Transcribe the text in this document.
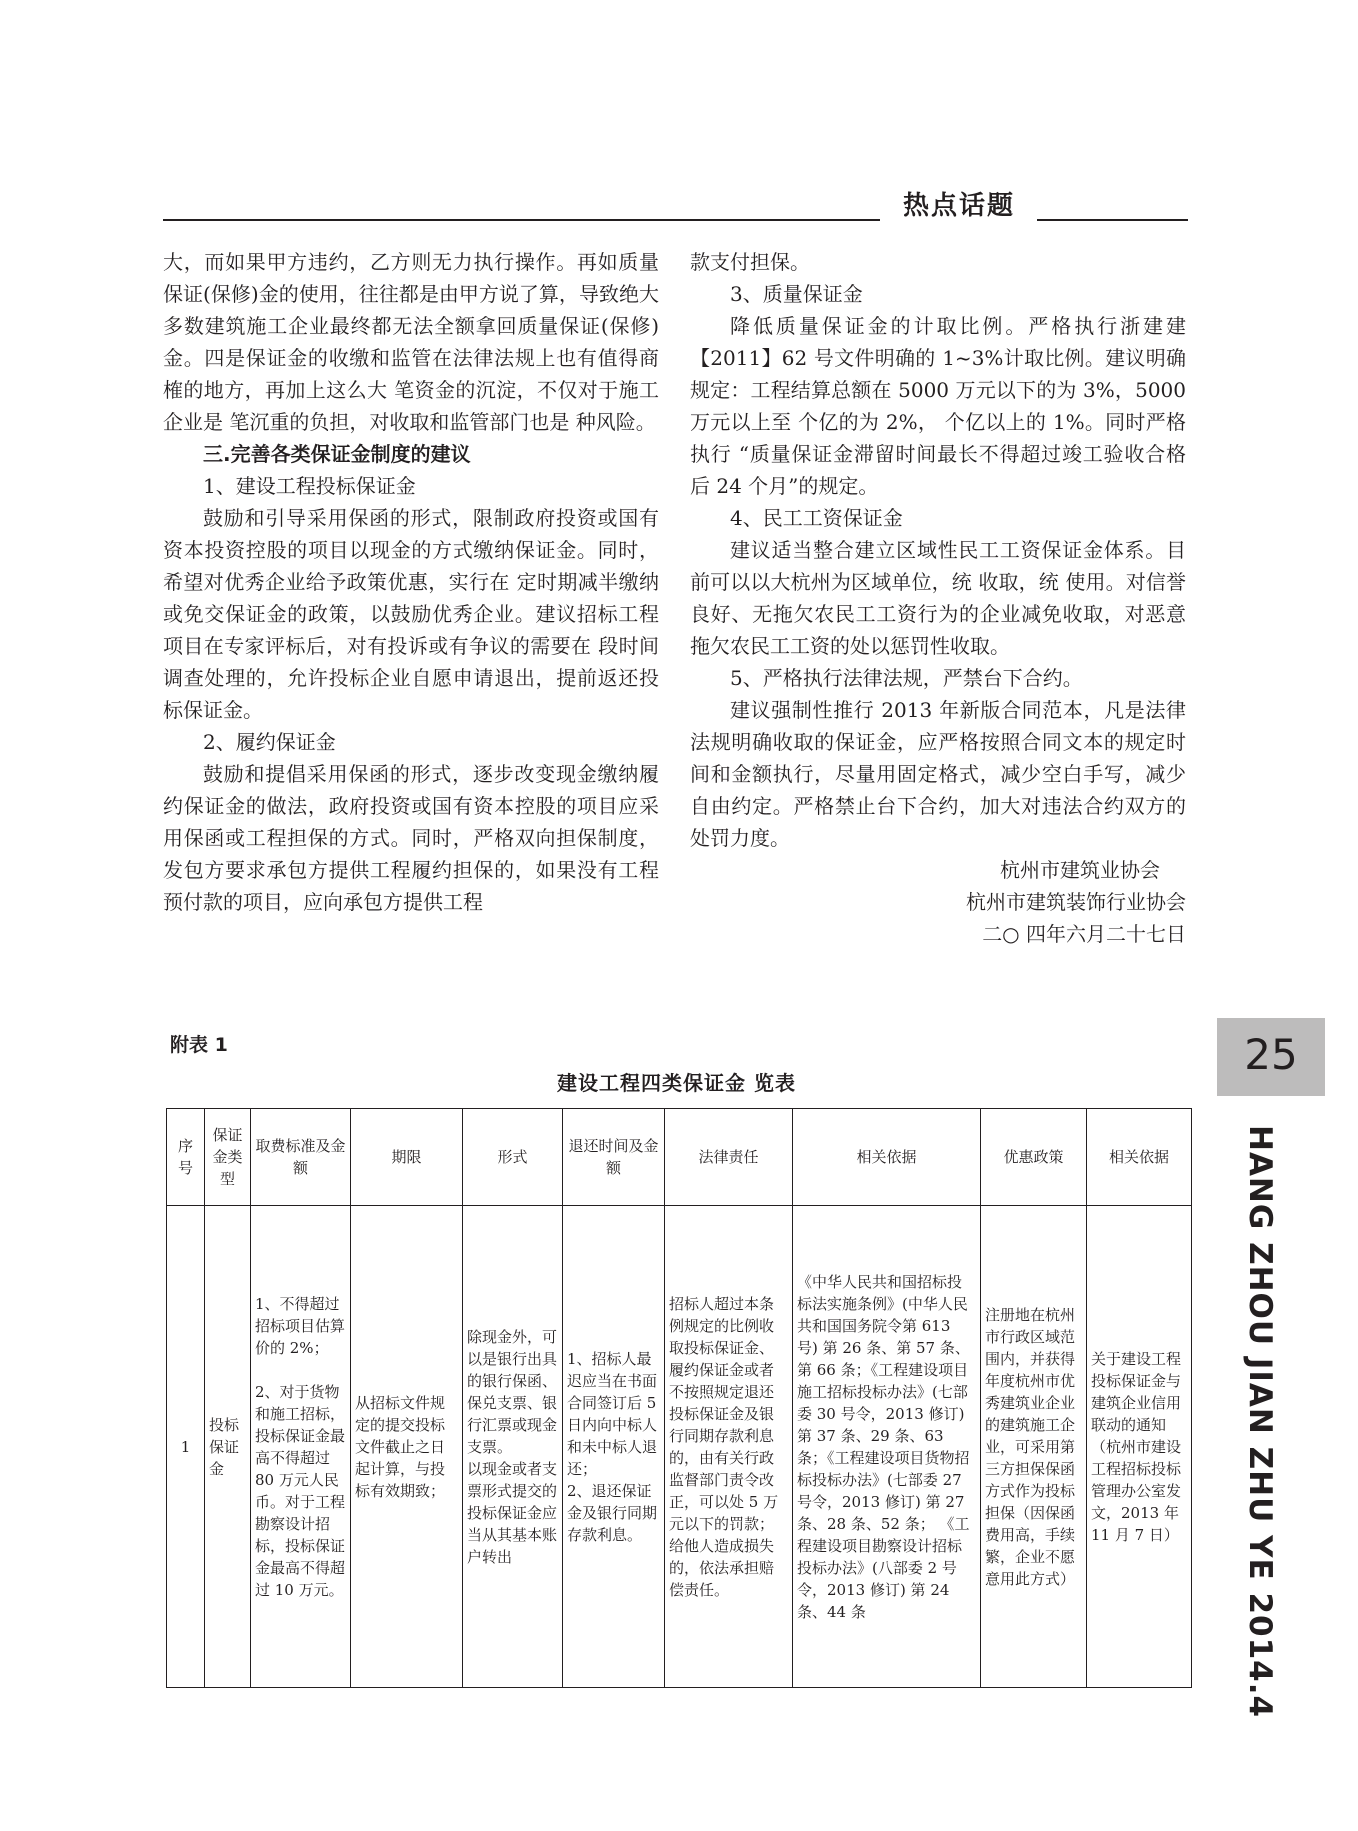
热点话题

大，而如果甲方违约，乙方则无力执行操作。再如质量保证(保修)金的使用，往往都是由甲方说了算，导致绝大多数建筑施工企业最终都无法全额拿回质量保证(保修)金。四是保证金的收缴和监管在法律法规上也有值得商榷的地方，再加上这么大 笔资金的沉淀，不仅对于施工企业是 笔沉重的负担，对收取和监管部门也是 种风险。

三.完善各类保证金制度的建议

1、建设工程投标保证金

鼓励和引导采用保函的形式，限制政府投资或国有资本投资控股的项目以现金的方式缴纳保证金。同时，希望对优秀企业给予政策优惠，实行在 定时期减半缴纳或免交保证金的政策，以鼓励优秀企业。建议招标工程项目在专家评标后，对有投诉或有争议的需要在 段时间调查处理的，允许投标企业自愿申请退出，提前返还投标保证金。

2、履约保证金

鼓励和提倡采用保函的形式，逐步改变现金缴纳履约保证金的做法，政府投资或国有资本控股的项目应采用保函或工程担保的方式。同时，严格双向担保制度，发包方要求承包方提供工程履约担保的，如果没有工程预付款的项目，应向承包方提供工程

款支付担保。

3、质量保证金

降低质量保证金的计取比例。严格执行浙建建【2011】62 号文件明确的 1~3%计取比例。建议明确规定：工程结算总额在 5000 万元以下的为 3%，5000 万元以上至 个亿的为 2%， 个亿以上的 1%。同时严格执行 “质量保证金滞留时间最长不得超过竣工验收合格后 24 个月”的规定。

4、民工工资保证金

建议适当整合建立区域性民工工资保证金体系。目前可以以大杭州为区域单位，统 收取，统 使用。对信誉良好、无拖欠农民工工资行为的企业减免收取，对恶意拖欠农民工工资的处以惩罚性收取。

5、严格执行法律法规，严禁台下合约。

建议强制性推行 2013 年新版合同范本，凡是法律法规明确收取的保证金，应严格按照合同文本的规定时间和金额执行，尽量用固定格式，减少空白手写，减少自由约定。严格禁止台下合约，加大对违法合约双方的处罚力度。

杭州市建筑业协会

杭州市建筑装饰行业协会

二○ 四年六月二十七日

附表 1
建设工程四类保证金 览表
序号	保证金类型	取费标准及金额	期限	形式	退还时间及金额	法律责任	相关依据	优惠政策	相关依据
1	投标保证金	1、不得超过招标项目估算价的 2%；

2、对于货物和施工招标，投标保证金最高不得超过 80 万元人民币。对于工程勘察设计招标，投标保证金最高不得超过 10 万元。	从招标文件规定的提交投标文件截止之日起计算，与投标有效期致；	除现金外，可以是银行出具的银行保函、保兑支票、银行汇票或现金支票。
以现金或者支票形式提交的投标保证金应当从其基本账户转出	1、招标人最迟应当在书面合同签订后 5 日内向中标人和未中标人退还；
2、退还保证金及银行同期存款利息。	招标人超过本条例规定的比例收取投标保证金、履约保证金或者不按照规定退还投标保证金及银行同期存款利息的，由有关行政监督部门责令改正，可以处 5 万元以下的罚款；给他人造成损失的，依法承担赔偿责任。	《中华人民共和国招标投标法实施条例》(中华人民共和国国务院令第 613 号) 第 26 条、第 57 条、第 66 条；《工程建设项目施工招标投标办法》(七部委 30 号令，2013 修订) 第 37 条、29 条、63 条；《工程建设项目货物招标投标办法》(七部委 27 号令，2013 修订) 第 27 条、28 条、52 条； 《工程建设项目勘察设计招标投标办法》(八部委 2 号令，2013 修订) 第 24 条、44 条	注册地在杭州市行政区域范围内，并获得年度杭州市优秀建筑业企业的建筑施工企业，可采用第三方担保保函方式作为投标担保（因保函费用高，手续繁，企业不愿意用此方式）	关于建设工程投标保证金与建筑企业信用联动的通知（杭州市建设工程招标投标管理办公室发文，2013 年 11 月 7 日）
25
HANG ZHOU JIAN ZHU YE 2014.4
